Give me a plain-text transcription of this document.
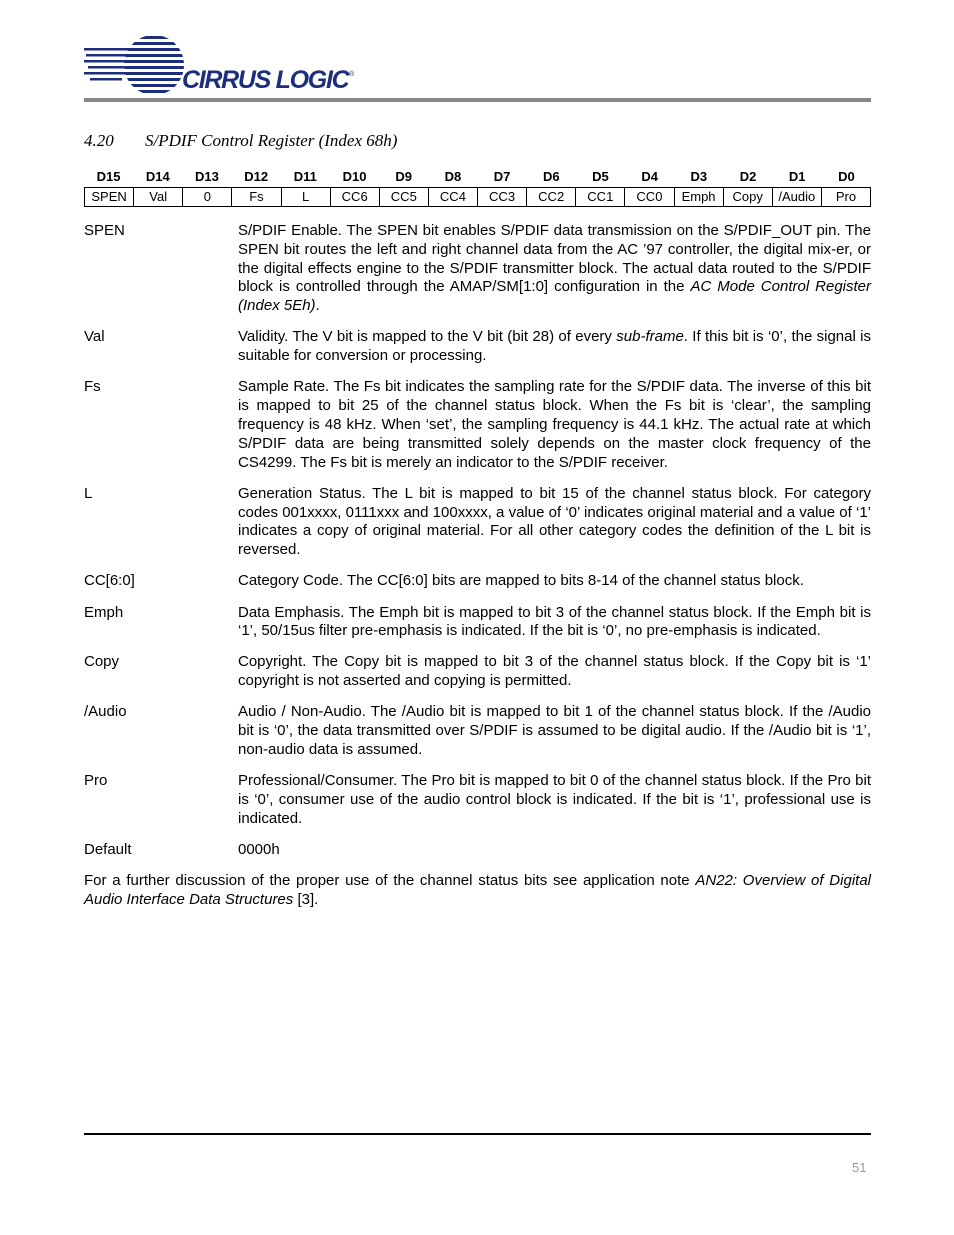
CIRRUS LOGIC ®
4.20 S/PDIF Control Register (Index 68h)
D15	D14	D13	D12	D11	D10	D9	D8	D7	D6	D5	D4	D3	D2	D1	D0
SPEN	Val	0	Fs	L	CC6	CC5	CC4	CC3	CC2	CC1	CC0	Emph	Copy	/Audio	Pro
SPEN	S/PDIF Enable. The SPEN bit enables S/PDIF data transmission on the S/PDIF_OUT pin. The SPEN bit routes the left and right channel data from the AC ’97 controller, the digital mix-er, or the digital effects engine to the S/PDIF transmitter block. The actual data routed to the S/PDIF block is controlled through the AMAP/SM[1:0] configuration in the AC Mode Control Register (Index 5Eh).
Val	Validity. The V bit is mapped to the V bit (bit 28) of every sub-frame. If this bit is ‘0’, the signal is suitable for conversion or processing.
Fs	Sample Rate. The Fs bit indicates the sampling rate for the S/PDIF data. The inverse of this bit is mapped to bit 25 of the channel status block. When the Fs bit is ‘clear’, the sampling frequency is 48 kHz. When ‘set’, the sampling frequency is 44.1 kHz. The actual rate at which S/PDIF data are being transmitted solely depends on the master clock frequency of the CS4299. The Fs bit is merely an indicator to the S/PDIF receiver.
L	Generation Status. The L bit is mapped to bit 15 of the channel status block. For category codes 001xxxx, 0111xxx and 100xxxx, a value of ‘0’ indicates original material and a value of ‘1’ indicates a copy of original material. For all other category codes the definition of the L bit is reversed.
CC[6:0]	Category Code. The CC[6:0] bits are mapped to bits 8-14 of the channel status block.
Emph	Data Emphasis. The Emph bit is mapped to bit 3 of the channel status block. If the Emph bit is ‘1’, 50/15us filter pre-emphasis is indicated. If the bit is ‘0’, no pre-emphasis is indicated.
Copy	Copyright. The Copy bit is mapped to bit 3 of the channel status block. If the Copy bit is ‘1’ copyright is not asserted and copying is permitted.
/Audio	Audio / Non-Audio. The /Audio bit is mapped to bit 1 of the channel status block. If the /Audio bit is ‘0’, the data transmitted over S/PDIF is assumed to be digital audio. If the /Audio bit is ‘1’, non-audio data is assumed.
Pro	Professional/Consumer. The Pro bit is mapped to bit 0 of the channel status block. If the Pro bit is ‘0’, consumer use of the audio control block is indicated. If the bit is ‘1’, professional use is indicated.
Default	0000h

For a further discussion of the proper use of the channel status bits see application note AN22: Overview of Digital Audio Interface Data Structures [3].

51
